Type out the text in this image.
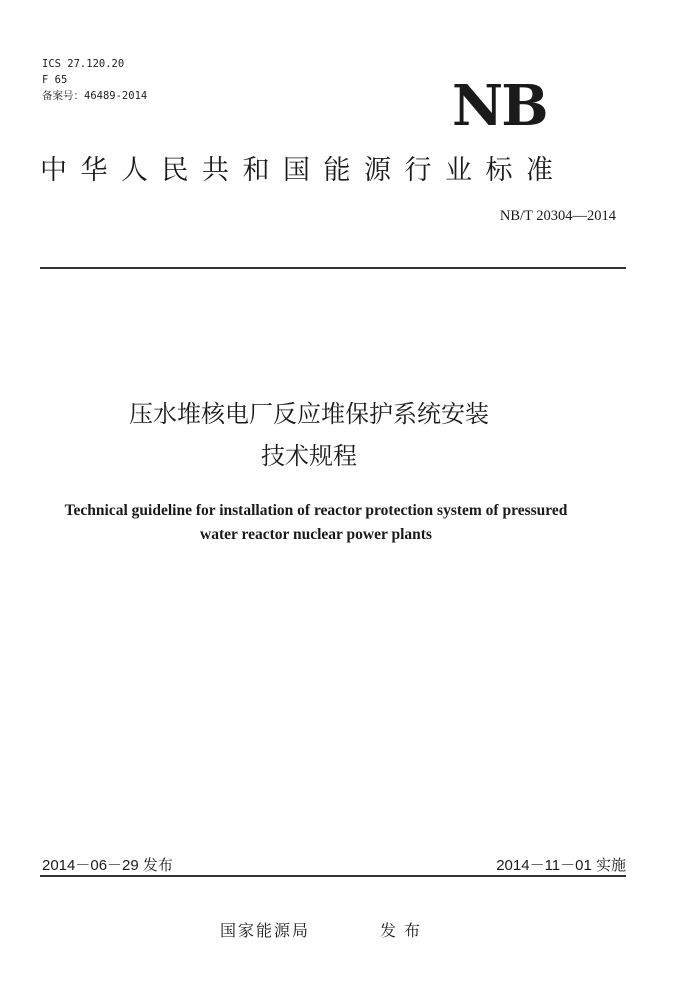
ICS 27.120.20
F 65
备案号：46489-2014	NB
中华人民共和国能源行业标准
NB/T 20304—2014
压水堆核电厂反应堆保护系统安装
技术规程
Technical guideline for installation of reactor protection system of pressured
water reactor nuclear power plants
2014－06－29 发布	2014－11－01 实施
国家能源局	发布
